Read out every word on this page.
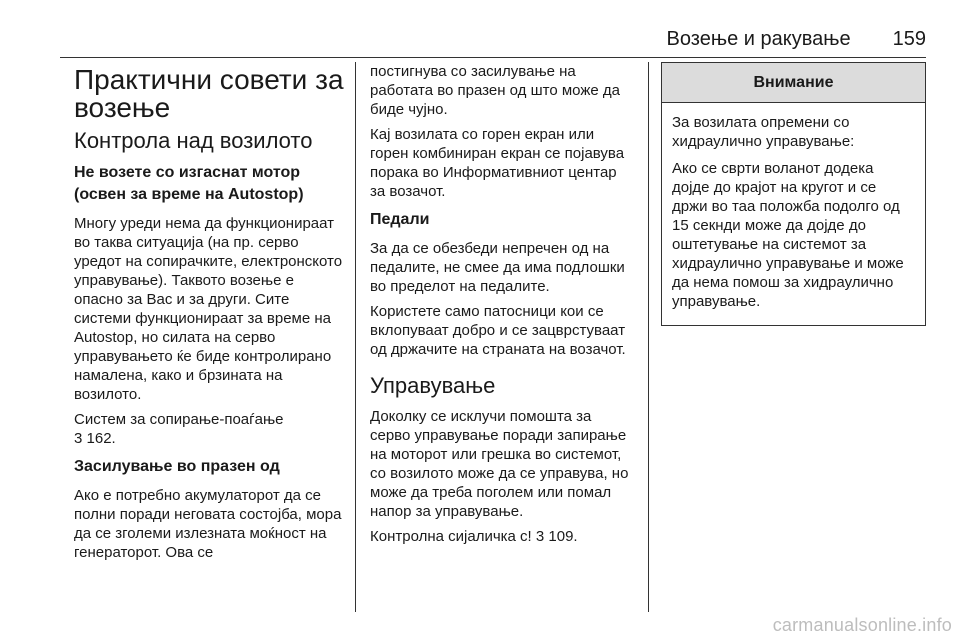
Возење и ракување 159
Практични совети за возење
Контрола над возилото
Не возете со изгаснат мотор (освен за време на Autostop)

Многу уреди нема да функционираат во таква ситуација (на пр. серво уредот на сопирачките, електронското управување). Таквото возење е опасно за Вас и за други. Сите системи функционираат за време на Autostop, но силата на серво управувањето ќе биде контролирано намалена, како и брзината на возилото.

Систем за сопирање-поаѓање
3 162.

Засилување во празен од

Ако е потребно акумулаторот да се полни поради неговата состојба, мора да се зголеми излезната моќност на генераторот. Ова се

постигнува со засилување на работата во празен од што може да биде чујно.

Кај возилата со горен екран или горен комбиниран екран се појавува порака во Информативниот центар за возачот.

Педали

За да се обезбеди непречен од на педалите, не смее да има подлошки во пределот на педалите.

Користете само патосници кои се вклопуваат добро и се зацврстуваат од држачите на страната на возачот.

Управување

Доколку се исклучи помошта за серво управување поради запирање на моторот или грешка во системот, со возилото може да се управува, но може да треба поголем или помал напор за управување.

Контролна сијаличка c! 3 109.

Внимание

За возилата опремени со хидраулично управување:

Ако се сврти воланот додека дојде до крајот на кругот и се држи во таа положба подолго од 15 секнди може да дојде до оштетување на системот за хидраулично управување и може да нема помош за хидраулично управување.

carmanualsonline.info
